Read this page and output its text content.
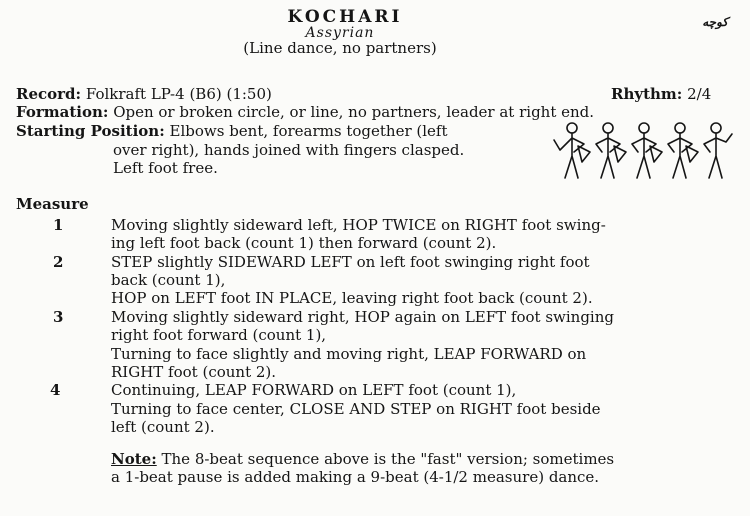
KOCHARI
Assyrian
ﻛﻮﭼﻪ
(Line dance, no partners)
Record: Folkraft LP-4 (B6) (1:50)	Rhythm: 2/4
Formation: Open or broken circle, or line, no partners, leader at right end.
Starting Position: Elbows bent, forearms together (left
over right), hands joined with fingers clasped.
Left foot free.
Measure
1	Moving slightly sideward left, HOP TWICE on RIGHT foot swing-
ing left foot back (count 1) then forward (count 2).
2	STEP slightly SIDEWARD LEFT on left foot swinging right foot
back (count 1),
HOP on LEFT foot IN PLACE, leaving right foot back (count 2).
3	Moving slightly sideward right, HOP again on LEFT foot swinging
right foot forward (count 1),
Turning to face slightly and moving right, LEAP FORWARD on
RIGHT foot (count 2).
4	Continuing, LEAP FORWARD on LEFT foot (count 1),
Turning to face center, CLOSE AND STEP on RIGHT foot beside
left (count 2).
Note: The 8-beat sequence above is the "fast" version; sometimes
a 1-beat pause is added making a 9-beat (4-1/2 measure) dance.
